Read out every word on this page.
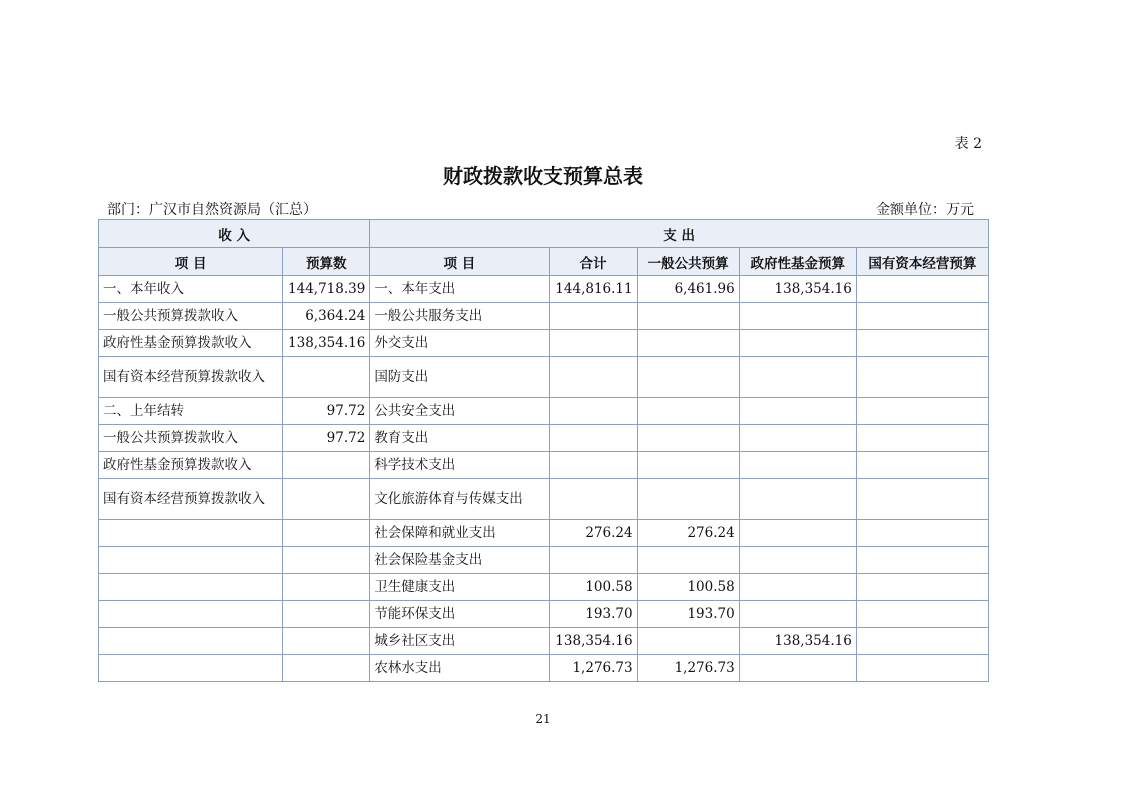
表 2
财政拨款收支预算总表
部门：广汉市自然资源局（汇总）	金额单位：万元
收 入		支 出				
项 目	预算数	项 目	合计	一般公共预算	政府性基金预算	国有资本经营预算
一、本年收入	144,718.39	一、本年支出	144,816.11	6,461.96	138,354.16	
一般公共预算拨款收入	6,364.24	一般公共服务支出				
政府性基金预算拨款收入	138,354.16	外交支出				
国有资本经营预算拨款收入		国防支出				
二、上年结转	97.72	公共安全支出				
一般公共预算拨款收入	97.72	教育支出				
政府性基金预算拨款收入		科学技术支出				
国有资本经营预算拨款收入		文化旅游体育与传媒支出				
		社会保障和就业支出	276.24	276.24		
		社会保险基金支出				
		卫生健康支出	100.58	100.58		
		节能环保支出	193.70	193.70		
		城乡社区支出	138,354.16		138,354.16	
		农林水支出	1,276.73	1,276.73		
21
